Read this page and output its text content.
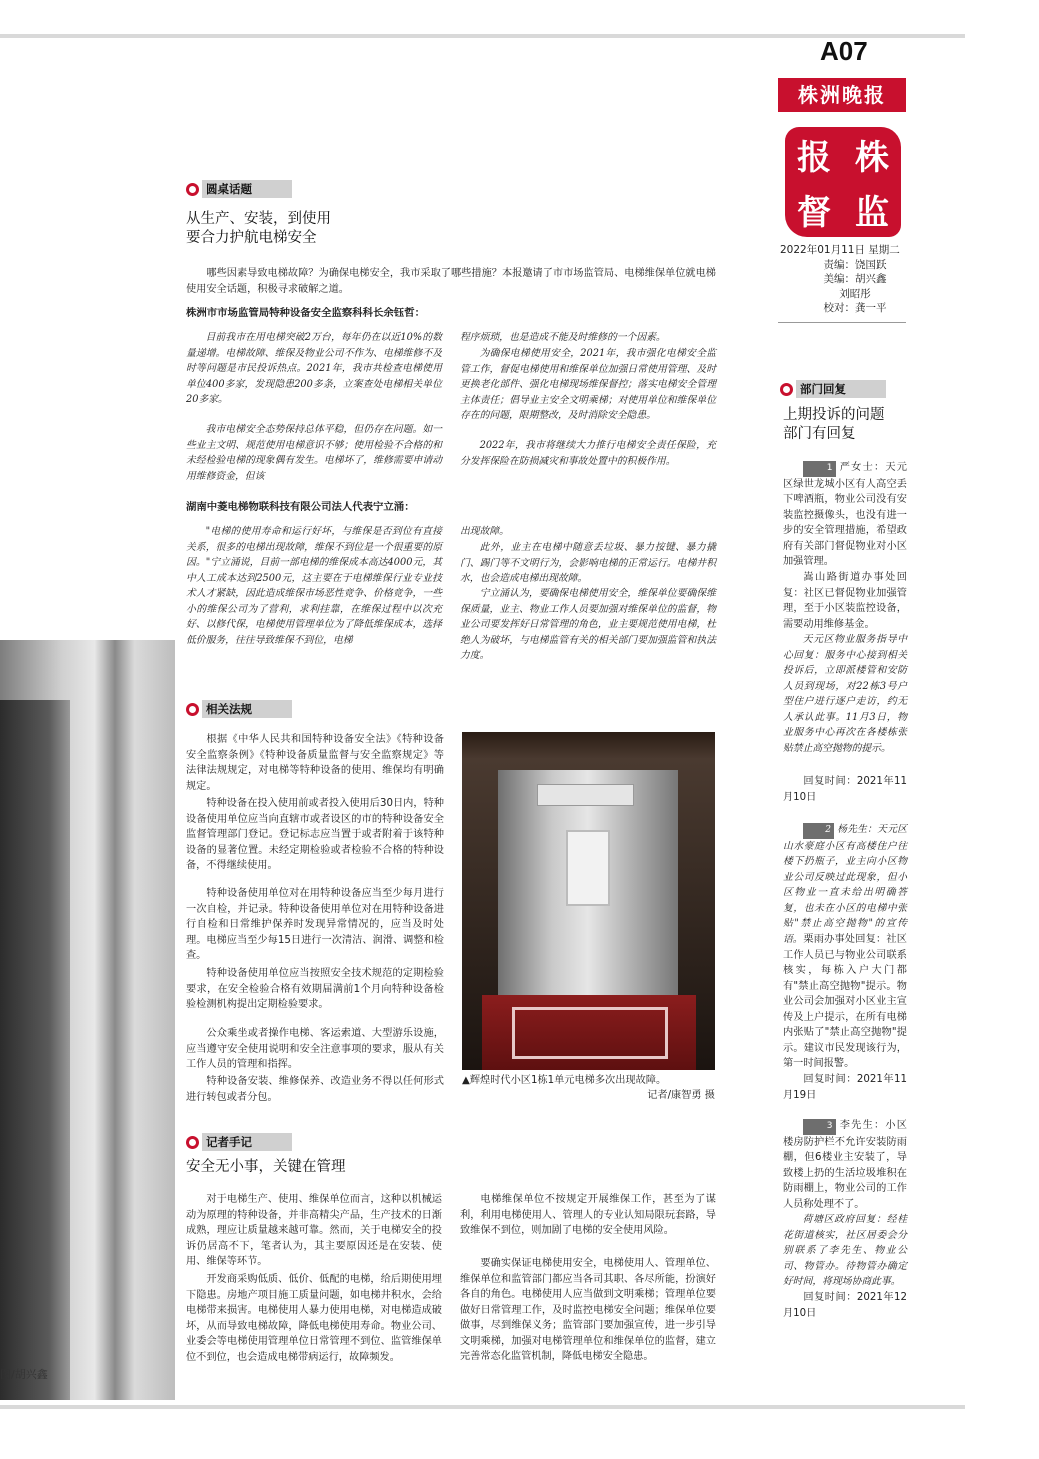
图/胡兴鑫
A07
株洲晚报
报 株
督 监
2022年01月11日 星期二
责编：饶国跃
美编：胡兴鑫
刘昭彤
校对：龚一平
圆桌话题
从生产、安装，到使用
要合力护航电梯安全

哪些因素导致电梯故障？为确保电梯安全，我市采取了哪些措施？本报邀请了市市场监管局、电梯维保单位就电梯使用安全话题，积极寻求破解之道。

株洲市市场监管局特种设备安全监察科科长余钰哲：

目前我市在用电梯突破2万台，每年仍在以近10%的数量递增。电梯故障、维保及物业公司不作为、电梯维修不及时等问题是市民投诉热点。2021年，我市共检查电梯使用单位400多家，发现隐患200多条，立案查处电梯相关单位20多家。

我市电梯安全态势保持总体平稳，但仍存在问题。如一些业主文明、规范使用电梯意识不够；使用检验不合格的和未经检验电梯的现象偶有发生。电梯坏了，维修需要申请动用维修资金，但该

程序烦琐，也是造成不能及时维修的一个因素。

为确保电梯使用安全，2021年，我市强化电梯安全监管工作，督促电梯使用和维保单位加强日常使用管理、及时更换老化部件、强化电梯现场维保督控；落实电梯安全管理主体责任；倡导业主安全文明乘梯；对使用单位和维保单位存在的问题，限期整改，及时消除安全隐患。

2022年，我市将继续大力推行电梯安全责任保险，充分发挥保险在防损减灾和事故处置中的积极作用。

湖南中菱电梯物联科技有限公司法人代表宁立涌：

"电梯的使用寿命和运行好坏，与维保是否到位有直接关系，很多的电梯出现故障，维保不到位是一个很重要的原因。"宁立涌说，目前一部电梯的维保成本高达4000元，其中人工成本达到2500元，这主要在于电梯维保行业专业技术人才紧缺，因此造成维保市场恶性竞争、价格竞争，一些小的维保公司为了营利，求利挂靠，在维保过程中以次充好、以修代保，电梯使用管理单位为了降低维保成本，选择低价服务，往往导致维保不到位，电梯

出现故障。

此外，业主在电梯中随意丢垃圾、暴力按键、暴力撬门、踢门等不文明行为，会影响电梯的正常运行。电梯井积水，也会造成电梯出现故障。

宁立涌认为，要确保电梯使用安全，维保单位要确保维保质量，业主、物业工作人员要加强对维保单位的监督，物业公司要发挥好日常管理的角色，业主要规范使用电梯，杜绝人为破坏，与电梯监管有关的相关部门要加强监管和执法力度。

相关法规

根据《中华人民共和国特种设备安全法》《特种设备安全监察条例》《特种设备质量监督与安全监察规定》等法律法规规定，对电梯等特种设备的使用、维保均有明确规定。

特种设备在投入使用前或者投入使用后30日内，特种设备使用单位应当向直辖市或者设区的市的特种设备安全监督管理部门登记。登记标志应当置于或者附着于该特种设备的显著位置。未经定期检验或者检验不合格的特种设备，不得继续使用。

特种设备使用单位对在用特种设备应当至少每月进行一次自检，并记录。特种设备使用单位对在用特种设备进行自检和日常维护保养时发现异常情况的，应当及时处理。电梯应当至少每15日进行一次清洁、润滑、调整和检查。

特种设备使用单位应当按照安全技术规范的定期检验要求，在安全检验合格有效期届满前1个月向特种设备检验检测机构提出定期检验要求。

公众乘坐或者操作电梯、客运索道、大型游乐设施，应当遵守安全使用说明和安全注意事项的要求，服从有关工作人员的管理和指挥。

特种设备安装、维修保养、改造业务不得以任何形式进行转包或者分包。

▲辉煌时代小区1栋1单元电梯多次出现故障。
记者/康智勇 摄
记者手记
安全无小事，关键在管理

对于电梯生产、使用、维保单位而言，这种以机械运动为原理的特种设备，并非高精尖产品，生产技术的日渐成熟，理应让质量越来越可靠。然而，关于电梯安全的投诉仍居高不下，笔者认为，其主要原因还是在安装、使用、维保等环节。

开发商采购低质、低价、低配的电梯，给后期使用埋下隐患。房地产项目施工质量问题，如电梯井积水，会给电梯带来损害。电梯使用人暴力使用电梯，对电梯造成破坏，从而导致电梯故障，降低电梯使用寿命。物业公司、业委会等电梯使用管理单位日常管理不到位、监管维保单位不到位，也会造成电梯带病运行，故障频发。

电梯维保单位不按规定开展维保工作，甚至为了谋利，利用电梯使用人、管理人的专业认知局限玩套路，导致维保不到位，则加剧了电梯的安全使用风险。

要确实保证电梯使用安全，电梯使用人、管理单位、维保单位和监管部门都应当各司其职、各尽所能，扮演好各自的角色。电梯使用人应当做到文明乘梯；管理单位要做好日常管理工作，及时监控电梯安全问题；维保单位要做事，尽到维保义务；监管部门要加强宣传，进一步引导文明乘梯，加强对电梯管理单位和维保单位的监督，建立完善常态化监管机制，降低电梯安全隐患。

部门回复
上期投诉的问题
部门有回复

1 严女士：天元区绿世龙城小区有人高空丢下啤酒瓶，物业公司没有安装监控摄像头，也没有进一步的安全管理措施，希望政府有关部门督促物业对小区加强管理。

嵩山路街道办事处回复：社区已督促物业加强管理，至于小区装监控设备，需要动用维修基金。

天元区物业服务指导中心回复：服务中心接到相关投诉后，立即派楼管和安防人员到现场，对22栋3号户型住户进行逐户走访，约无人承认此事。11月3日，物业服务中心再次在各楼栋张贴禁止高空抛物的提示。

回复时间：2021年11月10日

2 杨先生：天元区山水豪庭小区有高楼住户往楼下扔瓶子，业主向小区物业公司反映过此现象，但小区物业一直未给出明确答复，也未在小区的电梯中张贴"禁止高空抛物"的宣传语。 栗雨办事处回复：社区工作人员已与物业公司联系核实，每栋入户大门都有"禁止高空抛物"提示。物业公司会加强对小区业主宣传及上户提示，在所有电梯内张贴了"禁止高空抛物"提示。建议市民发现该行为，第一时间报警。

回复时间：2021年11月19日

3 李先生：小区楼房防护栏不允许安装防雨棚，但6楼业主安装了，导致楼上扔的生活垃圾堆积在防雨棚上，物业公司的工作人员称处理不了。

荷塘区政府回复：经桂花街道核实，社区居委会分别联系了李先生、物业公司、物管办。待物管办确定好时间，将现场协商此事。

回复时间：2021年12月10日
